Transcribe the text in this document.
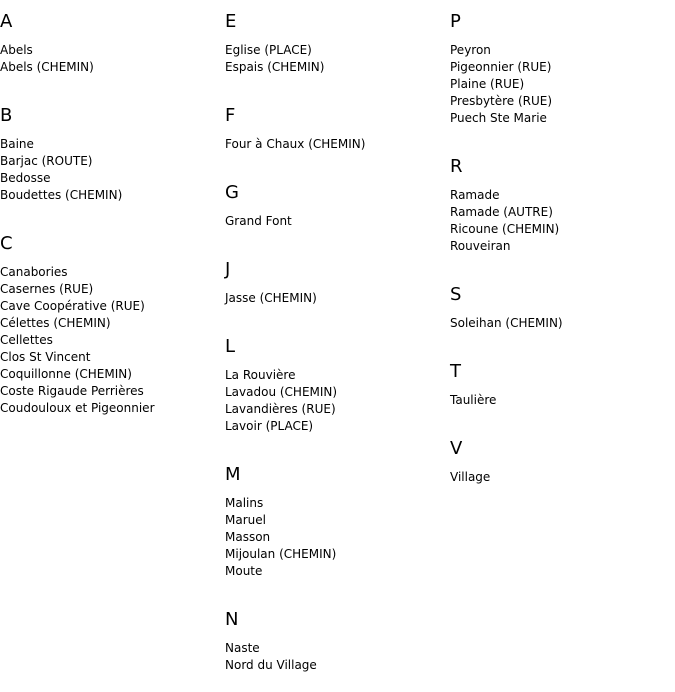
A
Abels
Abels (CHEMIN)
B
Baine
Barjac (ROUTE)
Bedosse
Boudettes (CHEMIN)
C
Canabories
Casernes (RUE)
Cave Coopérative (RUE)
Célettes (CHEMIN)
Cellettes
Clos St Vincent
Coquillonne (CHEMIN)
Coste Rigaude Perrières
Coudouloux et Pigeonnier
E
Eglise (PLACE)
Espais (CHEMIN)
F
Four à Chaux (CHEMIN)
G
Grand Font
J
Jasse (CHEMIN)
L
La Rouvière
Lavadou (CHEMIN)
Lavandières (RUE)
Lavoir (PLACE)
M
Malins
Maruel
Masson
Mijoulan (CHEMIN)
Moute
N
Naste
Nord du Village
P
Peyron
Pigeonnier (RUE)
Plaine (RUE)
Presbytère (RUE)
Puech Ste Marie
R
Ramade
Ramade (AUTRE)
Ricoune (CHEMIN)
Rouveiran
S
Soleihan (CHEMIN)
T
Taulière
V
Village
